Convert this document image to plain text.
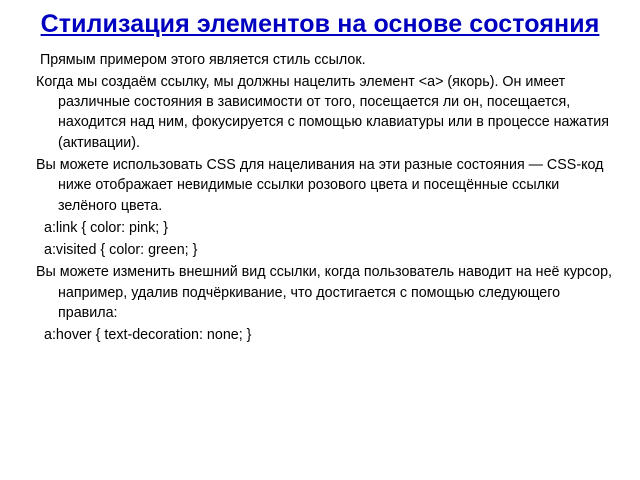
Стилизация элементов на основе состояния

Прямым примером этого является стиль ссылок.

Когда мы создаём ссылку, мы должны нацелить элемент <a> (якорь). Он имеет различные состояния в зависимости от того, посещается ли он, посещается, находится над ним, фокусируется с помощью клавиатуры или в процессе нажатия (активации).

Вы можете использовать CSS для нацеливания на эти разные состояния — CSS-код ниже отображает невидимые ссылки розового цвета и посещённые ссылки зелёного цвета.

a:link { color: pink; }

a:visited { color: green; }

Вы можете изменить внешний вид ссылки, когда пользователь наводит на неё курсор, например, удалив подчёркивание, что достигается с помощью следующего правила:

a:hover { text-decoration: none; }
